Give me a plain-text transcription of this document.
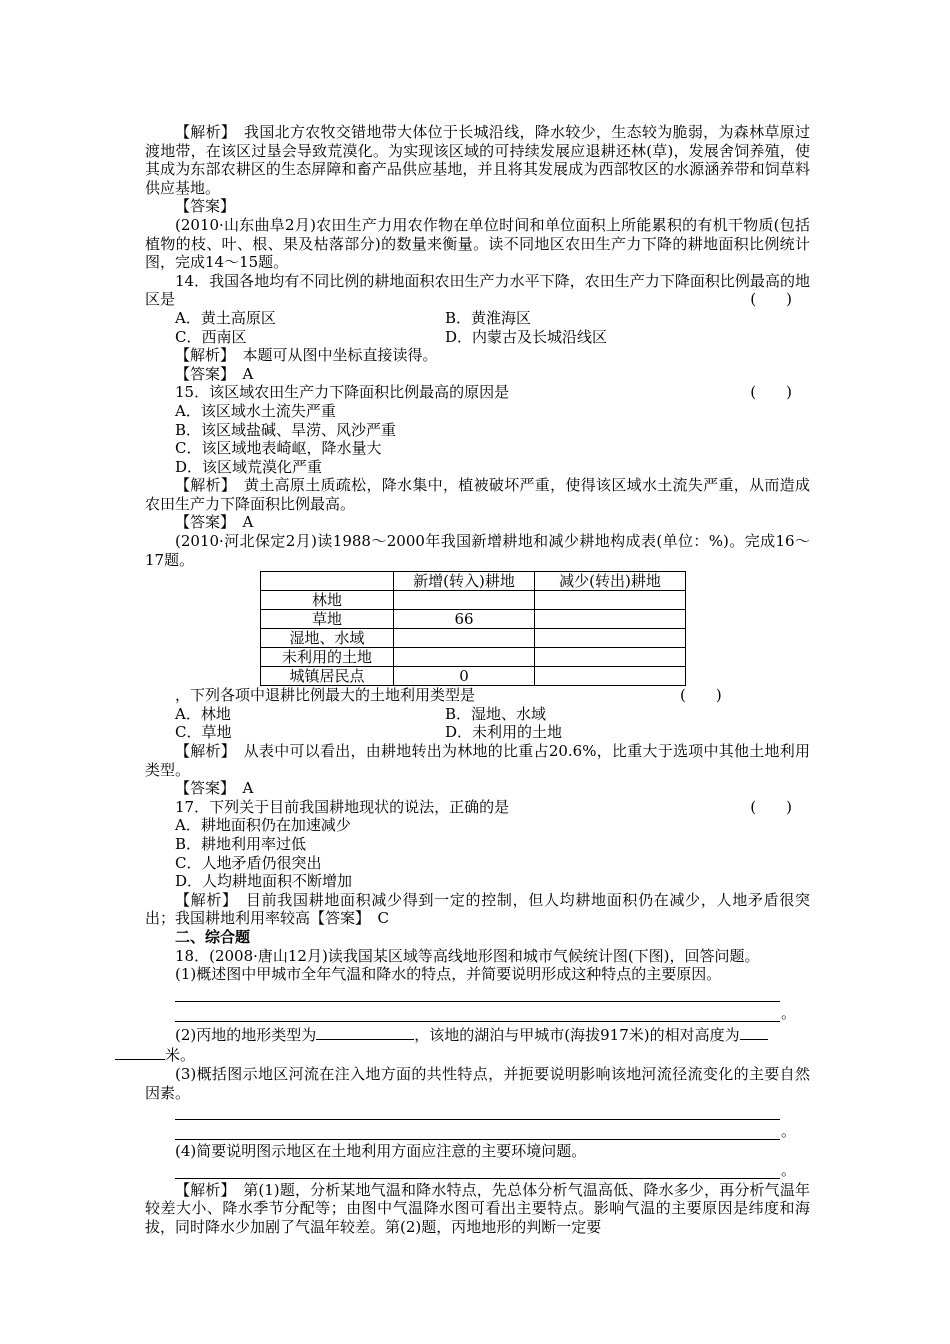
【解析】　我国北方农牧交错地带大体位于长城沿线，降水较少，生态较为脆弱，为森林草原过渡地带，在该区过垦会导致荒漠化。为实现该区域的可持续发展应退耕还林(草)，发展舍饲养殖，使其成为东部农耕区的生态屏障和畜产品供应基地，并且将其发展成为西部牧区的水源涵养带和饲草料供应基地。

【答案】

(2010·山东曲阜2月)农田生产力用农作物在单位时间和单位面积上所能累积的有机干物质(包括植物的枝、叶、根、果及枯落部分)的数量来衡量。读不同地区农田生产力下降的耕地面积比例统计图，完成14～15题。

14．我国各地均有不同比例的耕地面积农田生产力水平下降，农田生产力下降面积比例最高的地区是	(　　)
A．黄土高原区	B．黄淮海区
C．西南区	D．内蒙古及长城沿线区

【解析】　本题可从图中坐标直接读得。

【答案】　A

15．该区域农田生产力下降面积比例最高的原因是	(　　)

A．该区域水土流失严重

B．该区域盐碱、旱涝、风沙严重

C．该区域地表崎岖，降水量大

D．该区域荒漠化严重

【解析】　黄土高原土质疏松，降水集中，植被破坏严重，使得该区域水土流失严重，从而造成农田生产力下降面积比例最高。

【答案】　A

(2010·河北保定2月)读1988～2000年我国新增耕地和减少耕地构成表(单位：%)。完成16～17题。

	新增(转入)耕地	减少(转出)耕地
林地		
草地	66	
湿地、水域		
未利用的土地		
城镇居民点	0	

，下列各项中退耕比例最大的土地利用类型是	(　　)
A．林地	B．湿地、水域
C．草地	D．未利用的土地

【解析】　从表中可以看出，由耕地转出为林地的比重占20.6%，比重大于选项中其他土地利用类型。

【答案】　A

17．下列关于目前我国耕地现状的说法，正确的是	(　　)

A．耕地面积仍在加速减少

B．耕地利用率过低

C．人地矛盾仍很突出

D．人均耕地面积不断增加

【解析】　目前我国耕地面积减少得到一定的控制，但人均耕地面积仍在减少，人地矛盾很突出；我国耕地利用率较高【答案】　C

二、综合题

18．(2008·唐山12月)读我国某区域等高线地形图和城市气候统计图(下图)，回答问题。

(1)概述图中甲城市全年气温和降水的特点，并简要说明形成这种特点的主要原因。

。

(2)丙地的地形类型为	，该地的湖泊与甲城市(海拔917米)的相对高度为
米。

(3)概括图示地区河流在注入地方面的共性特点，并扼要说明影响该地河流径流变化的主要自然因素。

。

(4)简要说明图示地区在土地利用方面应注意的主要环境问题。

。

【解析】　第(1)题，分析某地气温和降水特点，先总体分析气温高低、降水多少，再分析气温年较差大小、降水季节分配等；由图中气温降水图可看出主要特点。影响气温的主要原因是纬度和海拔，同时降水少加剧了气温年较差。第(2)题，丙地地形的判断一定要
